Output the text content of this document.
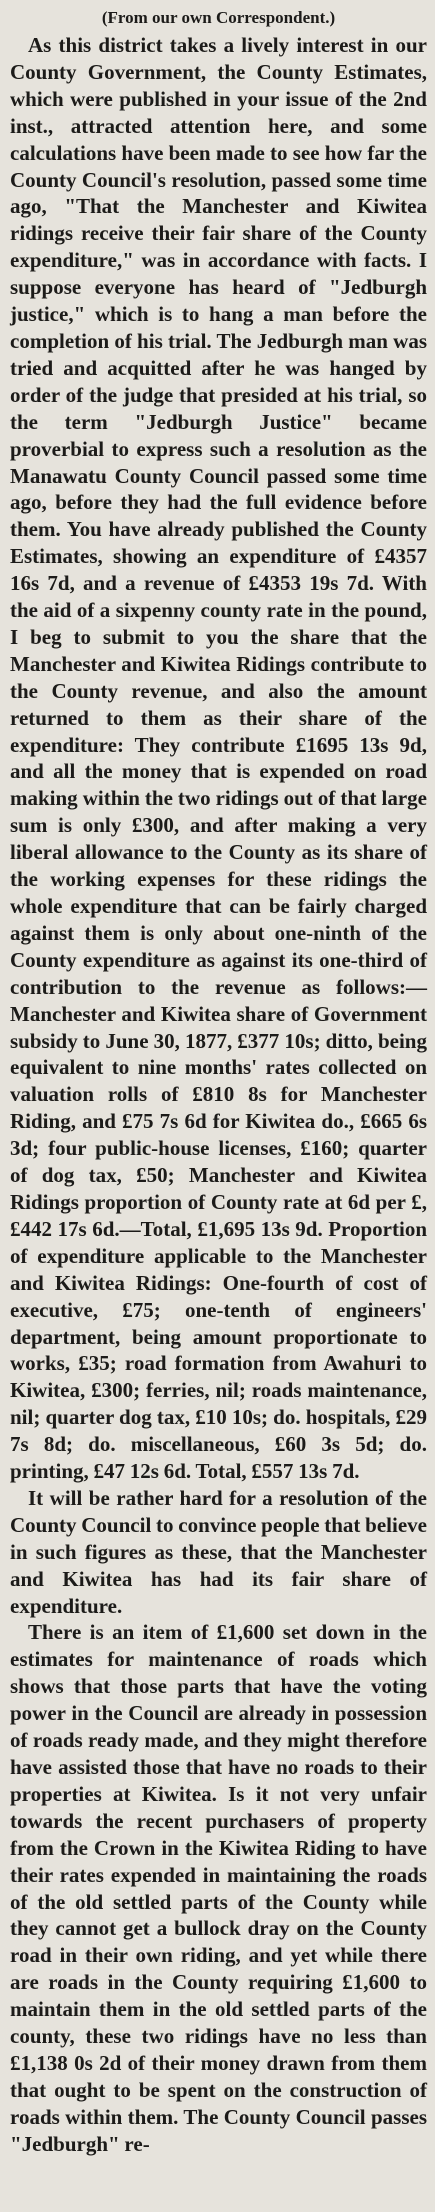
(From our own Correspondent.)

As this district takes a lively interest in our County Government, the County Estimates, which were published in your issue of the 2nd inst., attracted attention here, and some calculations have been made to see how far the County Council's resolution, passed some time ago, "That the Manchester and Kiwitea ridings receive their fair share of the County expenditure," was in accordance with facts. I suppose everyone has heard of "Jedburgh justice," which is to hang a man before the completion of his trial. The Jedburgh man was tried and acquitted after he was hanged by order of the judge that presided at his trial, so the term "Jedburgh Justice" became proverbial to express such a resolution as the Manawatu County Council passed some time ago, before they had the full evidence before them. You have already published the County Estimates, showing an expenditure of £4357 16s 7d, and a revenue of £4353 19s 7d. With the aid of a sixpenny county rate in the pound, I beg to submit to you the share that the Manchester and Kiwitea Ridings contribute to the County revenue, and also the amount returned to them as their share of the expenditure: They contribute £1695 13s 9d, and all the money that is expended on road making within the two ridings out of that large sum is only £300, and after making a very liberal allowance to the County as its share of the working expenses for these ridings the whole expenditure that can be fairly charged against them is only about one-ninth of the County expenditure as against its one-third of contribution to the revenue as follows:—Manchester and Kiwitea share of Government subsidy to June 30, 1877, £377 10s; ditto, being equivalent to nine months' rates collected on valuation rolls of £810 8s for Manchester Riding, and £75 7s 6d for Kiwitea do., £665 6s 3d; four public-house licenses, £160; quarter of dog tax, £50; Manchester and Kiwitea Ridings proportion of County rate at 6d per £, £442 17s 6d.—Total, £1,695 13s 9d. Proportion of expenditure applicable to the Manchester and Kiwitea Ridings: One-fourth of cost of executive, £75; one-tenth of engineers' department, being amount proportionate to works, £35; road formation from Awahuri to Kiwitea, £300; ferries, nil; roads maintenance, nil; quarter dog tax, £10 10s; do. hospitals, £29 7s 8d; do. miscellaneous, £60 3s 5d; do. printing, £47 12s 6d. Total, £557 13s 7d.

It will be rather hard for a resolution of the County Council to convince people that believe in such figures as these, that the Manchester and Kiwitea has had its fair share of expenditure.

There is an item of £1,600 set down in the estimates for maintenance of roads which shows that those parts that have the voting power in the Council are already in possession of roads ready made, and they might therefore have assisted those that have no roads to their properties at Kiwitea. Is it not very unfair towards the recent purchasers of property from the Crown in the Kiwitea Riding to have their rates expended in maintaining the roads of the old settled parts of the County while they cannot get a bullock dray on the County road in their own riding, and yet while there are roads in the County requiring £1,600 to maintain them in the old settled parts of the county, these two ridings have no less than £1,138 0s 2d of their money drawn from them that ought to be spent on the construction of roads within them. The County Council passes "Jedburgh" re-
